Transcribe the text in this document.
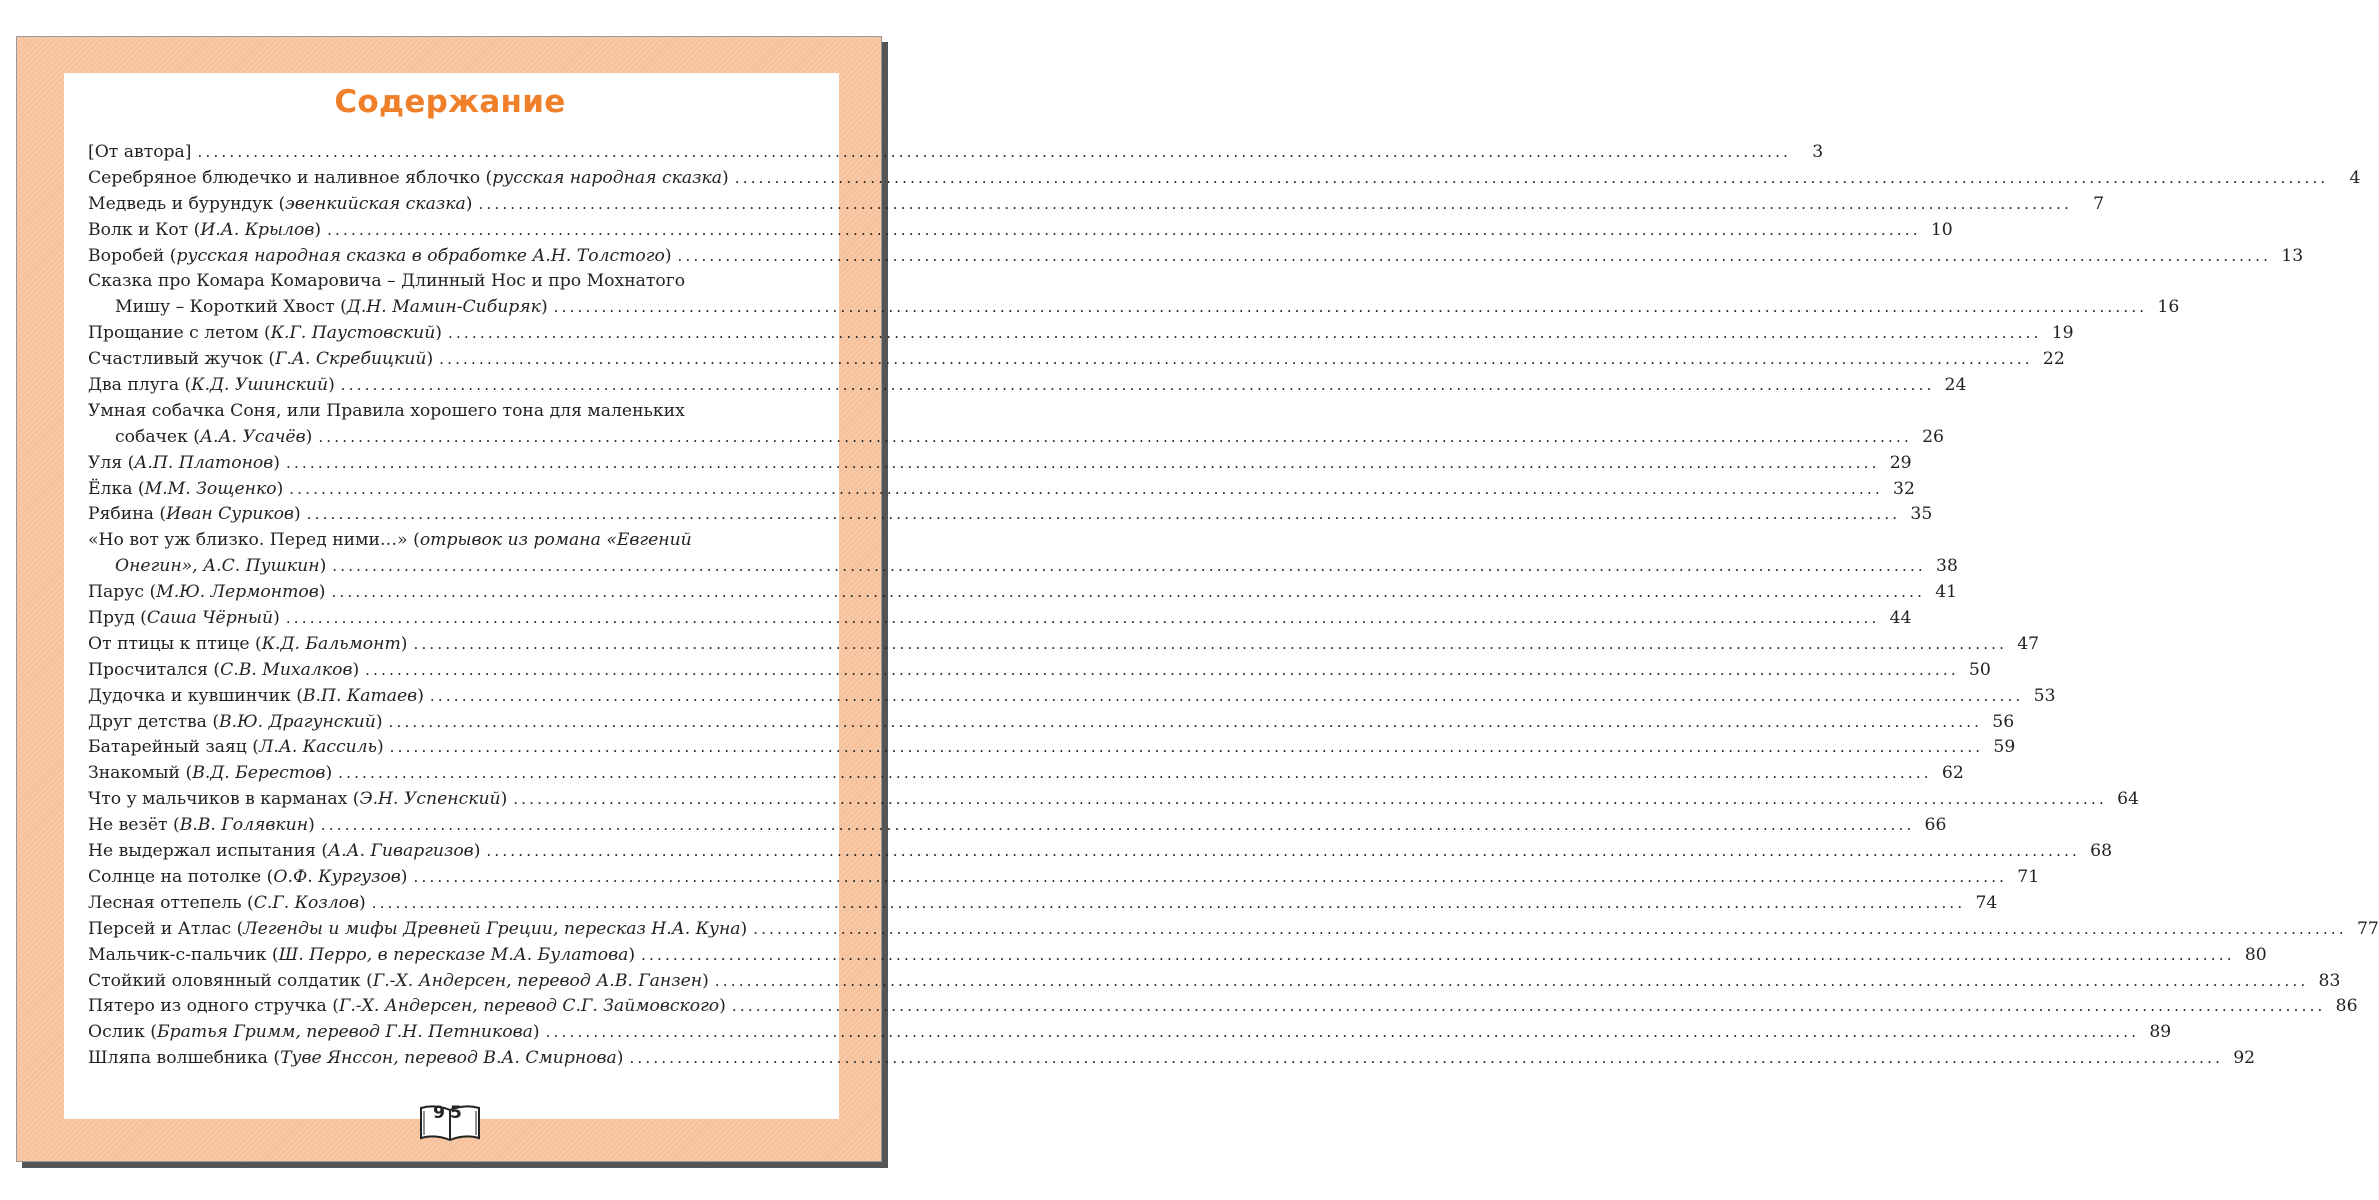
Содержание
[От автора] ........................................................................................................................................................................................................	3
Серебряное блюдечко и наливное яблочко (русская народная сказка) ........................................................................................................................................................................................................	4
Медведь и бурундук (эвенкийская сказка) ........................................................................................................................................................................................................	7
Волк и Кот (И.А. Крылов) ........................................................................................................................................................................................................ 10
Воробей (русская народная сказка в обработке А.Н. Толстого) ........................................................................................................................................................................................................ 13
Сказка про Комара Комаровича – Длинный Нос и про Мохнатого
Мишу – Короткий Хвост (Д.Н. Мамин-Сибиряк) ........................................................................................................................................................................................................ 16
Прощание с летом (К.Г. Паустовский) ........................................................................................................................................................................................................ 19
Счастливый жучок (Г.А. Скребицкий) ........................................................................................................................................................................................................ 22
Два плуга (К.Д. Ушинский) ........................................................................................................................................................................................................ 24
Умная собачка Соня, или Правила хорошего тона для маленьких
собачек (А.А. Усачёв) ........................................................................................................................................................................................................ 26
Уля (А.П. Платонов) ........................................................................................................................................................................................................ 29
Ёлка (М.М. Зощенко) ........................................................................................................................................................................................................ 32
Рябина (Иван Суриков) ........................................................................................................................................................................................................ 35
«Но вот уж близко. Перед ними…» (отрывок из романа «Евгений
Онегин», А.С. Пушкин) ........................................................................................................................................................................................................ 38
Парус (М.Ю. Лермонтов) ........................................................................................................................................................................................................ 41
Пруд (Саша Чёрный) ........................................................................................................................................................................................................ 44
От птицы к птице (К.Д. Бальмонт) ........................................................................................................................................................................................................ 47
Просчитался (С.В. Михалков) ........................................................................................................................................................................................................ 50
Дудочка и кувшинчик (В.П. Катаев) ........................................................................................................................................................................................................ 53
Друг детства (В.Ю. Драгунский) ........................................................................................................................................................................................................ 56
Батарейный заяц (Л.А. Кассиль) ........................................................................................................................................................................................................ 59
Знакомый (В.Д. Берестов) ........................................................................................................................................................................................................ 62
Что у мальчиков в карманах (Э.Н. Успенский) ........................................................................................................................................................................................................ 64
Не везёт (В.В. Голявкин) ........................................................................................................................................................................................................ 66
Не выдержал испытания (А.А. Гиваргизов) ........................................................................................................................................................................................................ 68
Солнце на потолке (О.Ф. Кургузов) ........................................................................................................................................................................................................ 71
Лесная оттепель (С.Г. Козлов) ........................................................................................................................................................................................................ 74
Персей и Атлас (Легенды и мифы Древней Греции, пересказ Н.А. Куна) ........................................................................................................................................................................................................ 77
Мальчик-с-пальчик (Ш. Перро, в пересказе М.А. Булатова) ........................................................................................................................................................................................................ 80
Стойкий оловянный солдатик (Г.-Х. Андерсен, перевод А.В. Ганзен) ........................................................................................................................................................................................................ 83
Пятеро из одного стручка (Г.-Х. Андерсен, перевод С.Г. Займовского) ........................................................................................................................................................................................................ 86
Ослик (Братья Гримм, перевод Г.Н. Петникова) ........................................................................................................................................................................................................ 89
Шляпа волшебника (Туве Янссон, перевод В.А. Смирнова) ........................................................................................................................................................................................................ 92
95
